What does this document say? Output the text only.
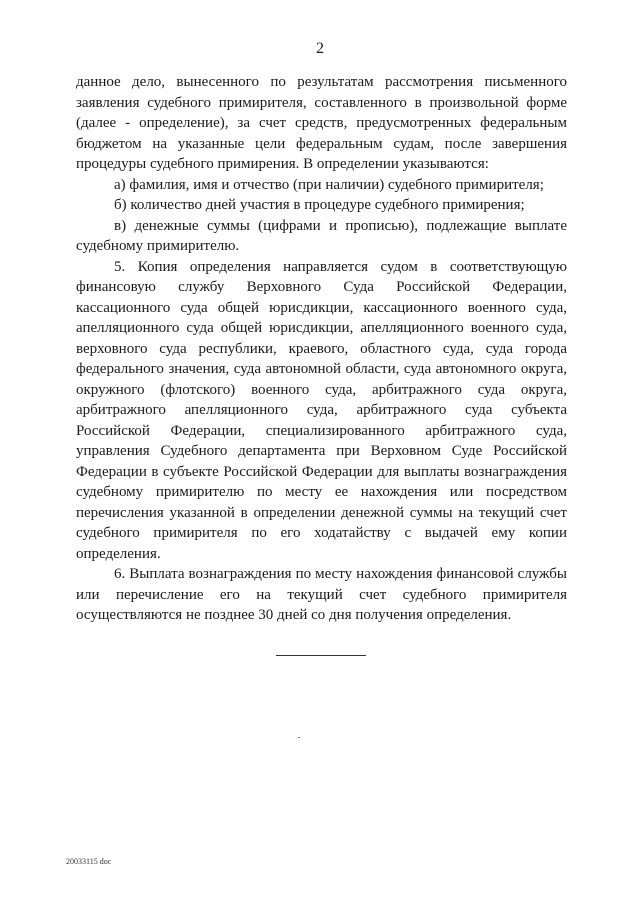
2

данное дело, вынесенного по результатам рассмотрения письменного заявления судебного примирителя, составленного в произвольной форме (далее - определение), за счет средств, предусмотренных федеральным бюджетом на указанные цели федеральным судам, после завершения процедуры судебного примирения. В определении указываются:

а) фамилия, имя и отчество (при наличии) судебного примирителя;

б) количество дней участия в процедуре судебного примирения;

в) денежные суммы (цифрами и прописью), подлежащие выплате судебному примирителю.

5. Копия определения направляется судом в соответствующую финансовую службу Верховного Суда Российской Федерации, кассационного суда общей юрисдикции, кассационного военного суда, апелляционного суда общей юрисдикции, апелляционного военного суда, верховного суда республики, краевого, областного суда, суда города федерального значения, суда автономной области, суда автономного округа, окружного (флотского) военного суда, арбитражного суда округа, арбитражного апелляционного суда, арбитражного суда субъекта Российской Федерации, специализированного арбитражного суда, управления Судебного департамента при Верховном Суде Российской Федерации в субъекте Российской Федерации для выплаты вознаграждения судебному примирителю по месту ее нахождения или посредством перечисления указанной в определении денежной суммы на текущий счет судебного примирителя по его ходатайству с выдачей ему копии определения.

6. Выплата вознаграждения по месту нахождения финансовой службы или перечисление его на текущий счет судебного примирителя осуществляются не позднее 30 дней со дня получения определения.

20033115 doc
